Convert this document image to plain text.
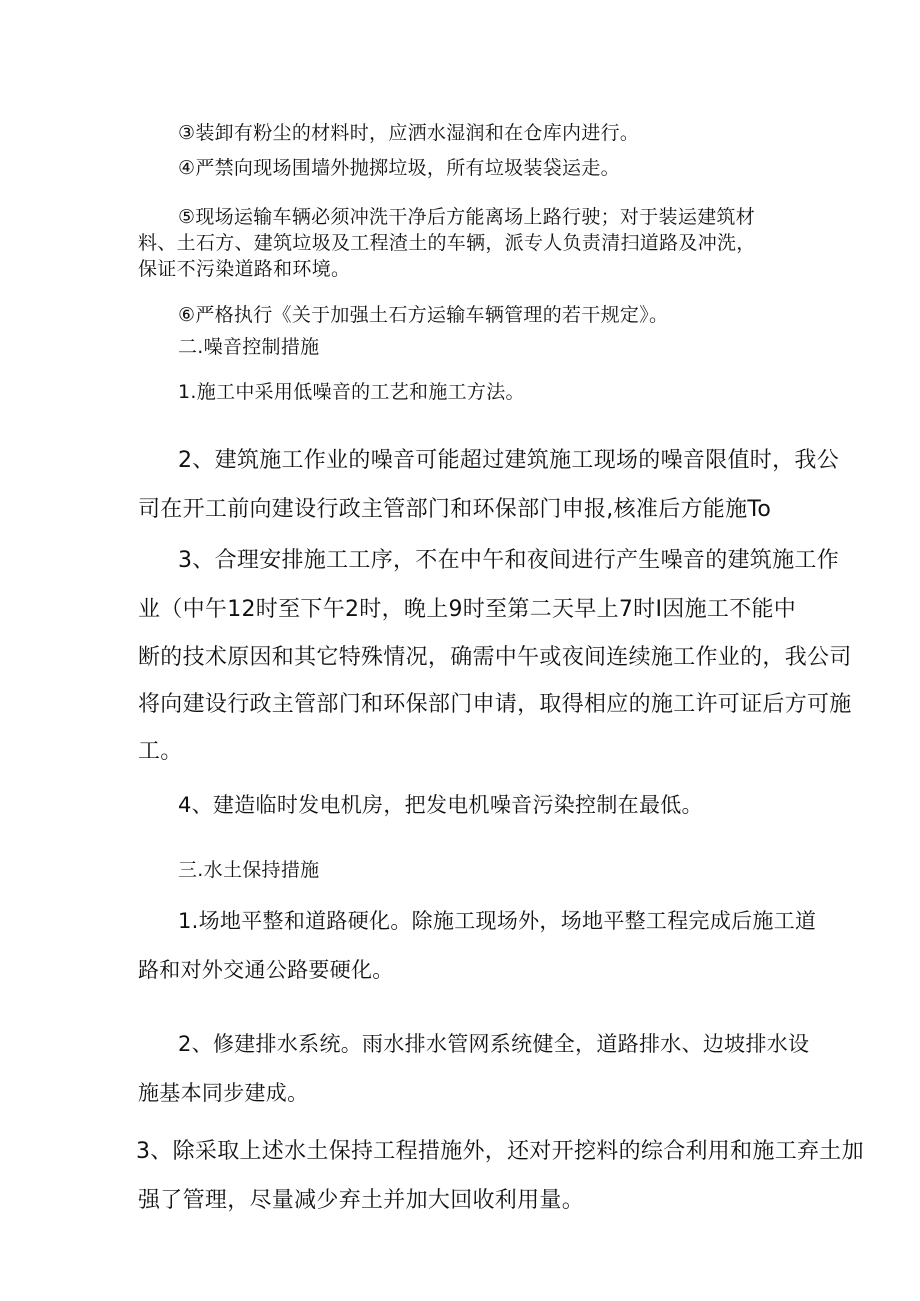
③装卸有粉尘的材料时，应洒水湿润和在仓库内进行。
④严禁向现场围墙外抛掷垃圾，所有垃圾装袋运走。
⑤现场运输车辆必须冲洗干净后方能离场上路行驶；对于装运建筑材
料、土石方、建筑垃圾及工程渣土的车辆，派专人负责清扫道路及冲洗，
保证不污染道路和环境。
⑥严格执行《关于加强土石方运输车辆管理的若干规定》。
二.噪音控制措施
1.施工中采用低噪音的工艺和施工方法。
2、建筑施工作业的噪音可能超过建筑施工现场的噪音限值时，我公
司在开工前向建设行政主管部门和环保部门申报,核准后方能施To
3、合理安排施工工序，不在中午和夜间进行产生噪音的建筑施工作
业（中午12时至下午2时，晚上9时至第二天早上7时I因施工不能中
断的技术原因和其它特殊情况，确需中午或夜间连续施工作业的，我公司
将向建设行政主管部门和环保部门申请，取得相应的施工许可证后方可施
工。
4、建造临时发电机房，把发电机噪音污染控制在最低。
三.水土保持措施
1.场地平整和道路硬化。除施工现场外，场地平整工程完成后施工道
路和对外交通公路要硬化。
2、修建排水系统。雨水排水管网系统健全，道路排水、边坡排水设
施基本同步建成。
3、除采取上述水土保持工程措施外，还对开挖料的综合利用和施工弃土加
强了管理，尽量减少弃土并加大回收利用量。
